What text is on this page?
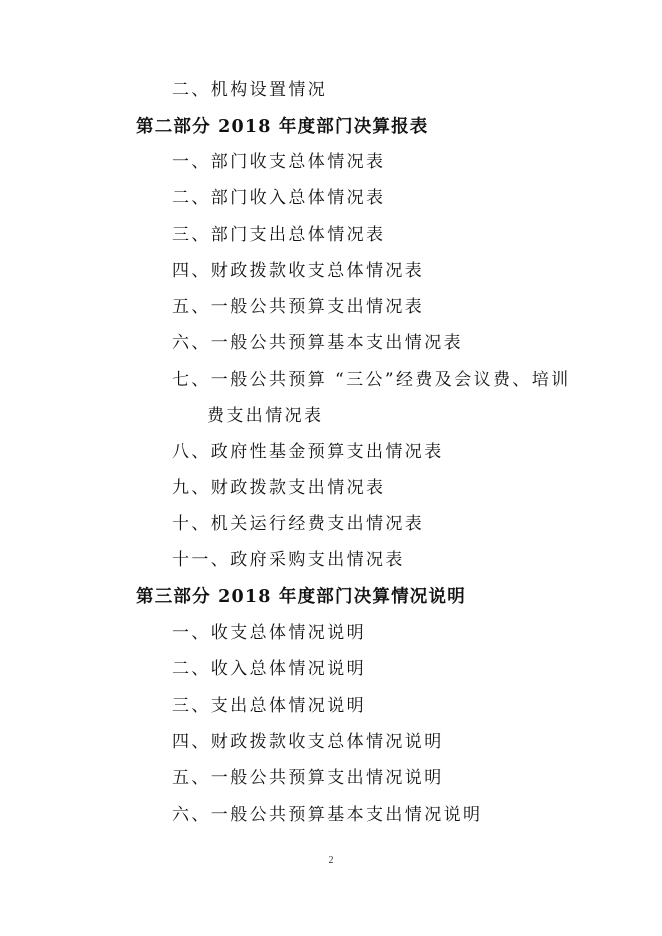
二、机构设置情况
第二部分 2018 年度部门决算报表
一、部门收支总体情况表
二、部门收入总体情况表
三、部门支出总体情况表
四、财政拨款收支总体情况表
五、一般公共预算支出情况表
六、一般公共预算基本支出情况表
七、一般公共预算 “三公”经费及会议费、培训
费支出情况表
八、政府性基金预算支出情况表
九、财政拨款支出情况表
十、机关运行经费支出情况表
十一、政府采购支出情况表
第三部分 2018 年度部门决算情况说明
一、收支总体情况说明
二、收入总体情况说明
三、支出总体情况说明
四、财政拨款收支总体情况说明
五、一般公共预算支出情况说明
六、一般公共预算基本支出情况说明
2
